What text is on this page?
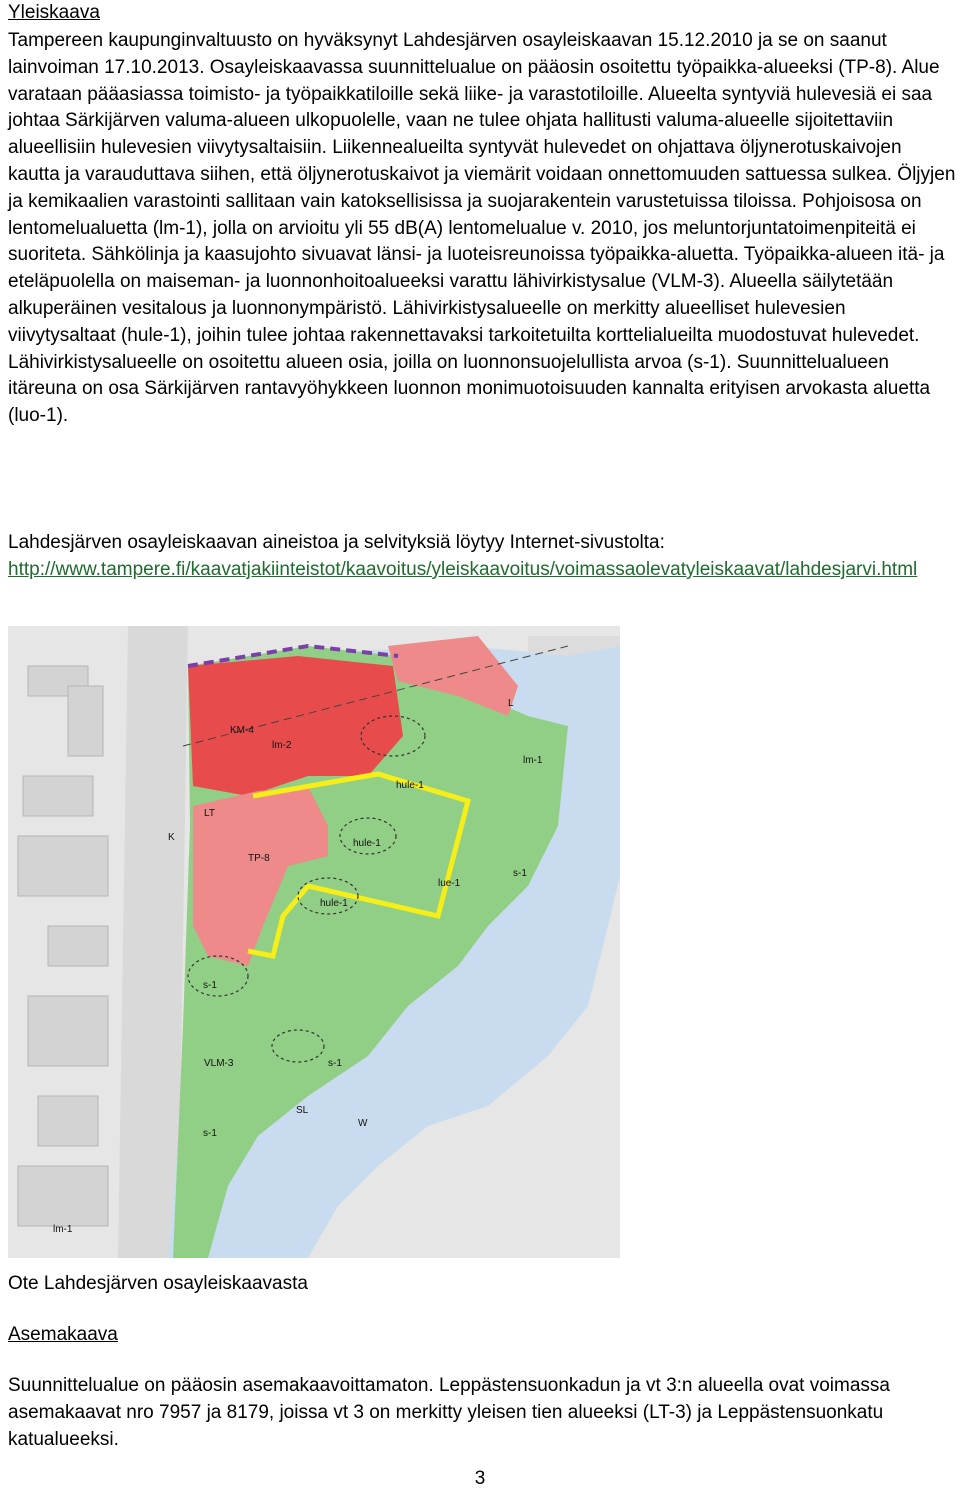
Yleiskaava

Tampereen kaupunginvaltuusto on hyväksynyt Lahdesjärven osayleiskaavan 15.12.2010 ja se on saanut lainvoiman 17.10.2013. Osayleiskaavassa suunnittelualue on pääosin osoitettu työpaikka-alueeksi (TP-8). Alue varataan pääasiassa toimisto- ja työpaikkatiloille sekä liike- ja varastotiloille. Alueelta syntyviä hulevesiä ei saa johtaa Särkijärven valuma-alueen ulkopuolelle, vaan ne tulee ohjata hallitusti valuma-alueelle sijoitettaviin alueellisiin hulevesien viivytysaltaisiin. Liikennealueilta syntyvät hulevedet on ohjattava öljynerotuskaivojen kautta ja varauduttava siihen, että öljynerotuskaivot ja viemärit voidaan onnettomuuden sattuessa sulkea. Öljyjen ja kemikaalien varastointi sallitaan vain katoksellisissa ja suojarakentein varustetuissa tiloissa. Pohjoisosa on lentomelualuetta (lm-1), jolla on arvioitu yli 55 dB(A) lentomelualue v. 2010, jos meluntorjuntatoimenpiteitä ei suoriteta. Sähkölinja ja kaasujohto sivuavat länsi- ja luoteisreunoissa työpaikka-aluetta. Työpaikka-alueen itä- ja eteläpuolella on maiseman- ja luonnonhoitoalueeksi varattu lähivirkistysalue (VLM-3). Alueella säilytetään alkuperäinen vesitalous ja luonnonympäristö. Lähivirkistysalueelle on merkitty alueelliset hulevesien viivytysaltaat (hule-1), joihin tulee johtaa rakennettavaksi tarkoitetuilta korttelialueilta muodostuvat hulevedet. Lähivirkistysalueelle on osoitettu alueen osia, joilla on luonnonsuojelullista arvoa (s-1). Suunnittelualueen itäreuna on osa Särkijärven rantavyöhykkeen luonnon monimuotoisuuden kannalta erityisen arvokasta aluetta (luo-1).

Lahdesjärven osayleiskaavan aineistoa ja selvityksiä löytyy Internet-sivustolta:

http://www.tampere.fi/kaavatjakiinteistot/kaavoitus/yleiskaavoitus/voimassaolevatyleiskaavat/lahdesjarvi.html
KM-4
lm-2
lm-1
hule-1
hule-1
hule-1
lue-1
s-1
s-1
s-1
s-1
TP-8
LT
VLM-3
SL
W
K
L
lm-1
Ote Lahdesjärven osayleiskaavasta
Asemakaava

Suunnittelualue on pääosin asemakaavoittamaton. Leppästensuonkadun ja vt 3:n alueella ovat voimassa asemakaavat nro 7957 ja 8179, joissa vt 3 on merkitty yleisen tien alueeksi (LT-3) ja Leppästensuonkatu katualueeksi.

3
